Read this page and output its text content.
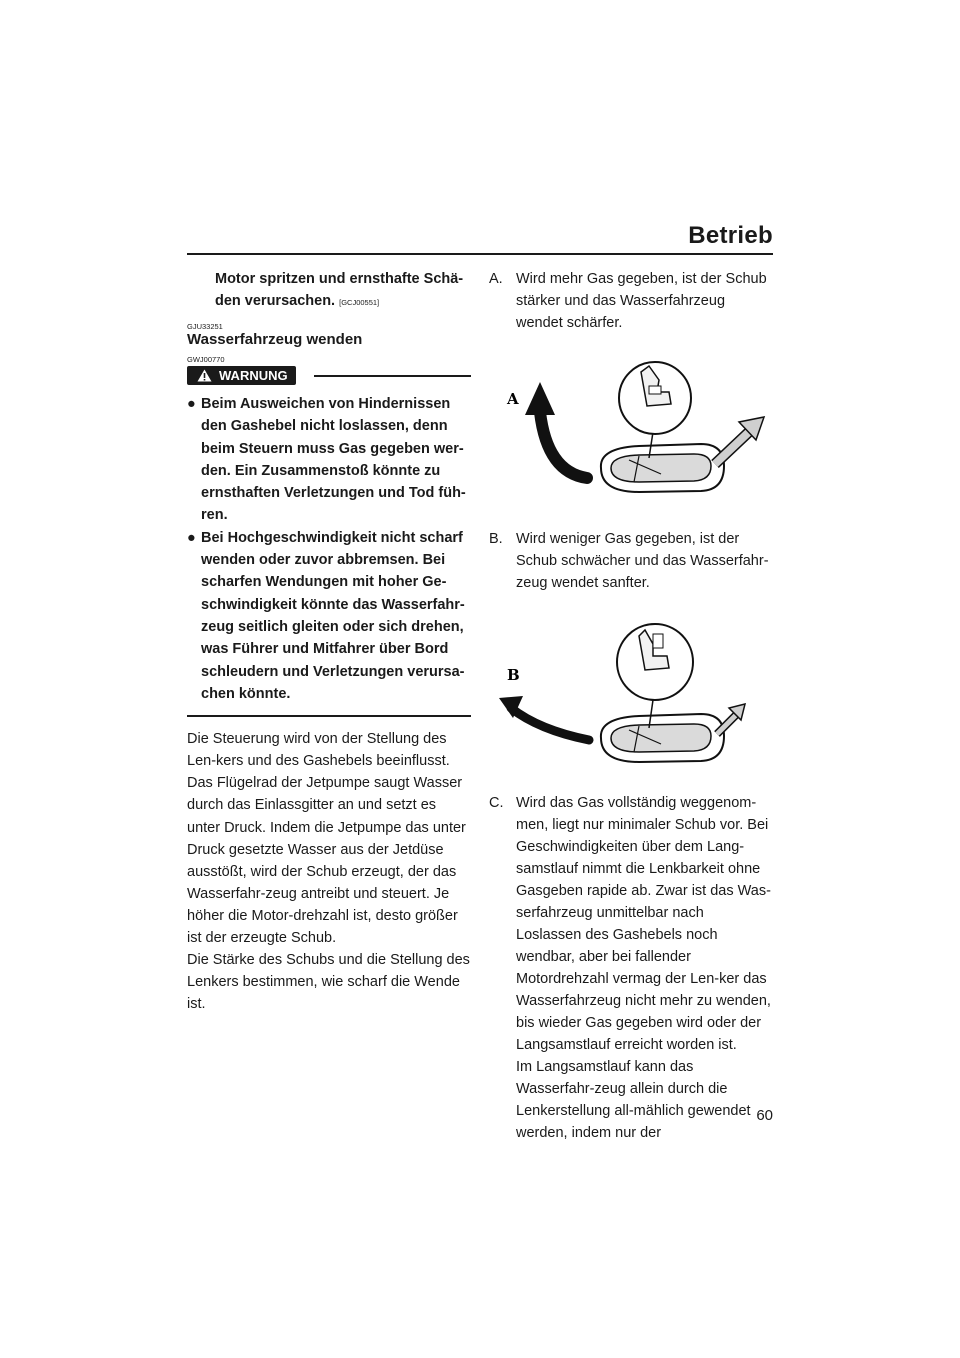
Betrieb

Motor spritzen und ernsthafte Schä-den verursachen. [GCJ00551]

GJU33251
Wasserfahrzeug wenden
GWJ00770
WARNUNG
● Beim Ausweichen von Hindernissen den Gashebel nicht loslassen, denn beim Steuern muss Gas gegeben wer-den. Ein Zusammenstoß könnte zu ernsthaften Verletzungen und Tod füh-ren.
● Bei Hochgeschwindigkeit nicht scharf wenden oder zuvor abbremsen. Bei scharfen Wendungen mit hoher Ge-schwindigkeit könnte das Wasserfahr-zeug seitlich gleiten oder sich drehen, was Führer und Mitfahrer über Bord schleudern und Verletzungen verursa-chen könnte.

Die Steuerung wird von der Stellung des Len-kers und des Gashebels beeinflusst.
Das Flügelrad der Jetpumpe saugt Wasser durch das Einlassgitter an und setzt es unter Druck. Indem die Jetpumpe das unter Druck gesetzte Wasser aus der Jetdüse ausstößt, wird der Schub erzeugt, der das Wasserfahr-zeug antreibt und steuert. Je höher die Motor-drehzahl ist, desto größer ist der erzeugte Schub.
Die Stärke des Schubs und die Stellung des Lenkers bestimmen, wie scharf die Wende ist.

A. Wird mehr Gas gegeben, ist der Schub stärker und das Wasserfahrzeug wendet schärfer.

A

B. Wird weniger Gas gegeben, ist der Schub schwächer und das Wasserfahr-zeug wendet sanfter.

B
C. Wird das Gas vollständig weggenom-men, liegt nur minimaler Schub vor. Bei Geschwindigkeiten über dem Lang-samstlauf nimmt die Lenkbarkeit ohne Gasgeben rapide ab. Zwar ist das Was-serfahrzeug unmittelbar nach Loslassen des Gashebels noch wendbar, aber bei fallender Motordrehzahl vermag der Len-ker das Wasserfahrzeug nicht mehr zu wenden, bis wieder Gas gegeben wird oder der Langsamstlauf erreicht worden ist.
Im Langsamstlauf kann das Wasserfahr-zeug allein durch die Lenkerstellung all-mählich gewendet werden, indem nur der
60
